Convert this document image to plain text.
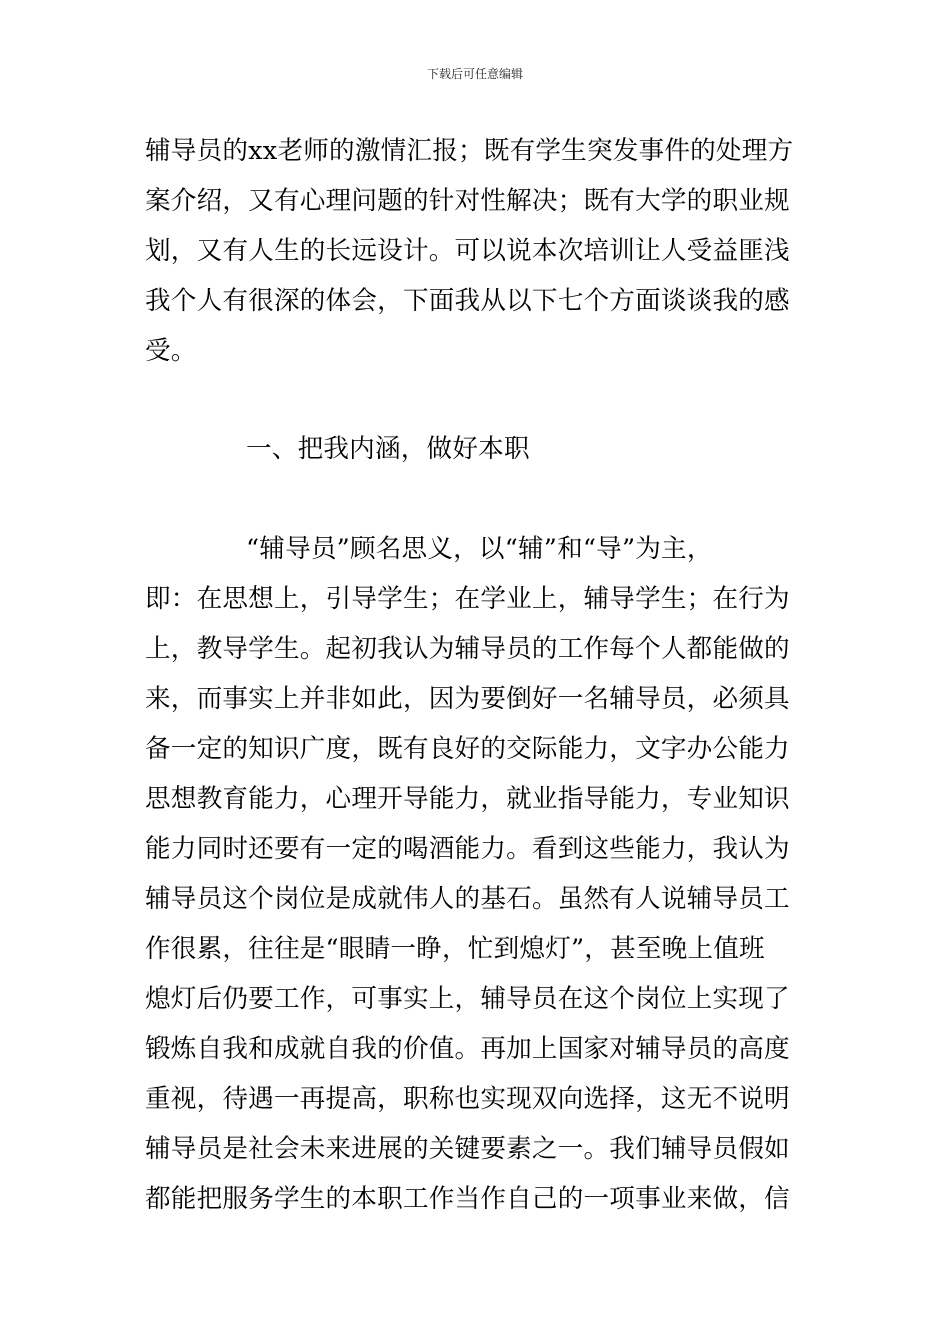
下载后可任意编辑
辅导员的xx老师的激情汇报；既有学生突发事件的处理方
案介绍，又有心理问题的针对性解决；既有大学的职业规
划，又有人生的长远设计。可以说本次培训让人受益匪浅
我个人有很深的体会，下面我从以下七个方面谈谈我的感
受。
一、把我内涵，做好本职
“辅导员”顾名思义，以“辅”和“导”为主，
即：在思想上，引导学生；在学业上，辅导学生；在行为
上，教导学生。起初我认为辅导员的工作每个人都能做的
来，而事实上并非如此，因为要倒好一名辅导员，必须具
备一定的知识广度，既有良好的交际能力，文字办公能力
思想教育能力，心理开导能力，就业指导能力，专业知识
能力同时还要有一定的喝酒能力。看到这些能力，我认为
辅导员这个岗位是成就伟人的基石。虽然有人说辅导员工
作很累，往往是“眼睛一睁，忙到熄灯”，甚至晚上值班
熄灯后仍要工作，可事实上，辅导员在这个岗位上实现了
锻炼自我和成就自我的价值。再加上国家对辅导员的高度
重视，待遇一再提高，职称也实现双向选择，这无不说明
辅导员是社会未来进展的关键要素之一。我们辅导员假如
都能把服务学生的本职工作当作自己的一项事业来做，信
